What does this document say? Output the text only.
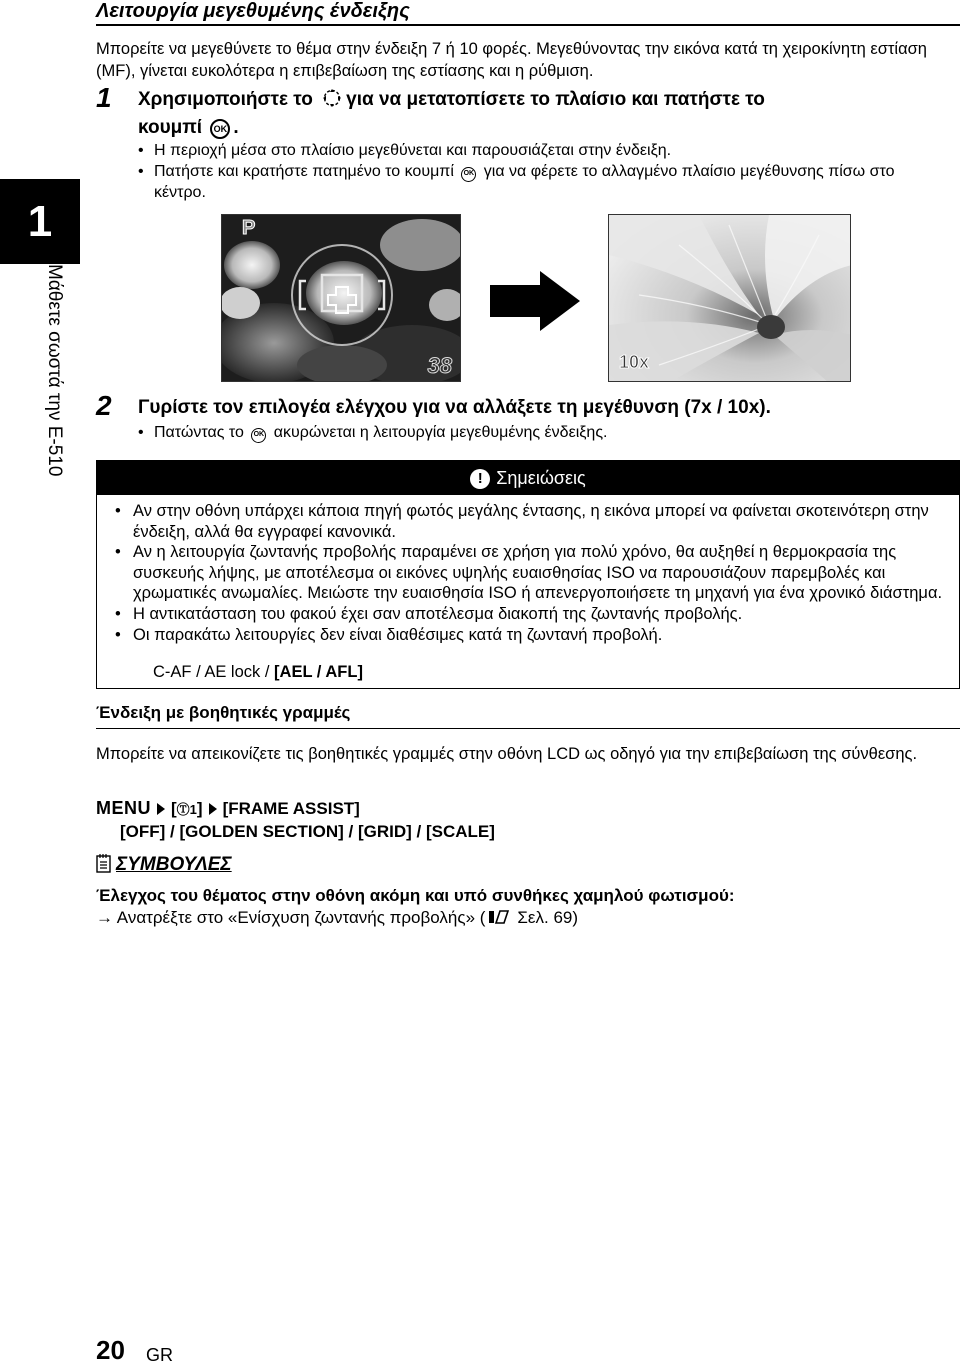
Λειτουργία μεγεθυμένης ένδειξης

Μπορείτε να μεγεθύνετε το θέμα στην ένδειξη 7 ή 10 φορές. Μεγεθύνοντας την εικόνα κατά τη χειροκίνητη εστίαση (MF), γίνεται ευκολότερα η επιβεβαίωση της εστίασης και η ρύθμιση.

1
Μάθετε σωστά την E-510
1 Χρησιμοποιήστε το για να μετατοπίσετε το πλαίσιο και πατήστε το
κουμπί OK .
• Η περιοχή μέσα στο πλαίσιο μεγεθύνεται και παρουσιάζεται στην ένδειξη.
• Πατήστε και κρατήστε πατημένο το κουμπί OK για να φέρετε το αλλαγμένο πλαίσιο μεγέθυνσης πίσω στο κέντρο.
P
38	10x
2 Γυρίστε τον επιλογέα ελέγχου για να αλλάξετε τη μεγέθυνση (7x / 10x).
• Πατώντας το OK ακυρώνεται η λειτουργία μεγεθυμένης ένδειξης.
! Σημειώσεις
• Αν στην οθόνη υπάρχει κάποια πηγή φωτός μεγάλης έντασης, η εικόνα μπορεί να φαίνεται σκοτεινότερη στην ένδειξη, αλλά θα εγγραφεί κανονικά.
• Αν η λειτουργία ζωντανής προβολής παραμένει σε χρήση για πολύ χρόνο, θα αυξηθεί η θερμοκρασία της συσκευής λήψης, με αποτέλεσμα οι εικόνες υψηλής ευαισθησίας ISO να παρουσιάζουν παρεμβολές και χρωματικές ανωμαλίες. Μειώστε την ευαισθησία ISO ή απενεργοποιήσετε τη μηχανή για ένα χρονικό διάστημα.
• Η αντικατάσταση του φακού έχει σαν αποτέλεσμα διακοπή της ζωντανής προβολής.
• Οι παρακάτω λειτουργίες δεν είναι διαθέσιμες κατά τη ζωντανή προβολή.
C-AF / AE lock / [AEL / AFL]
Ένδειξη με βοηθητικές γραμμές

Μπορείτε να απεικονίζετε τις βοηθητικές γραμμές στην οθόνη LCD ως οδηγό για την επιβεβαίωση της σύνθεσης.

MENU [Ⓣ1] [FRAME ASSIST]
[OFF] / [GOLDEN SECTION] / [GRID] / [SCALE]
ΣΥΜΒΟΥΛΕΣ
Έλεγχος του θέματος στην οθόνη ακόμη και υπό συνθήκες χαμηλού φωτισμού:
→ Ανατρέξτε στο «Ενίσχυση ζωντανής προβολής» ( Σελ. 69)
20 GR
